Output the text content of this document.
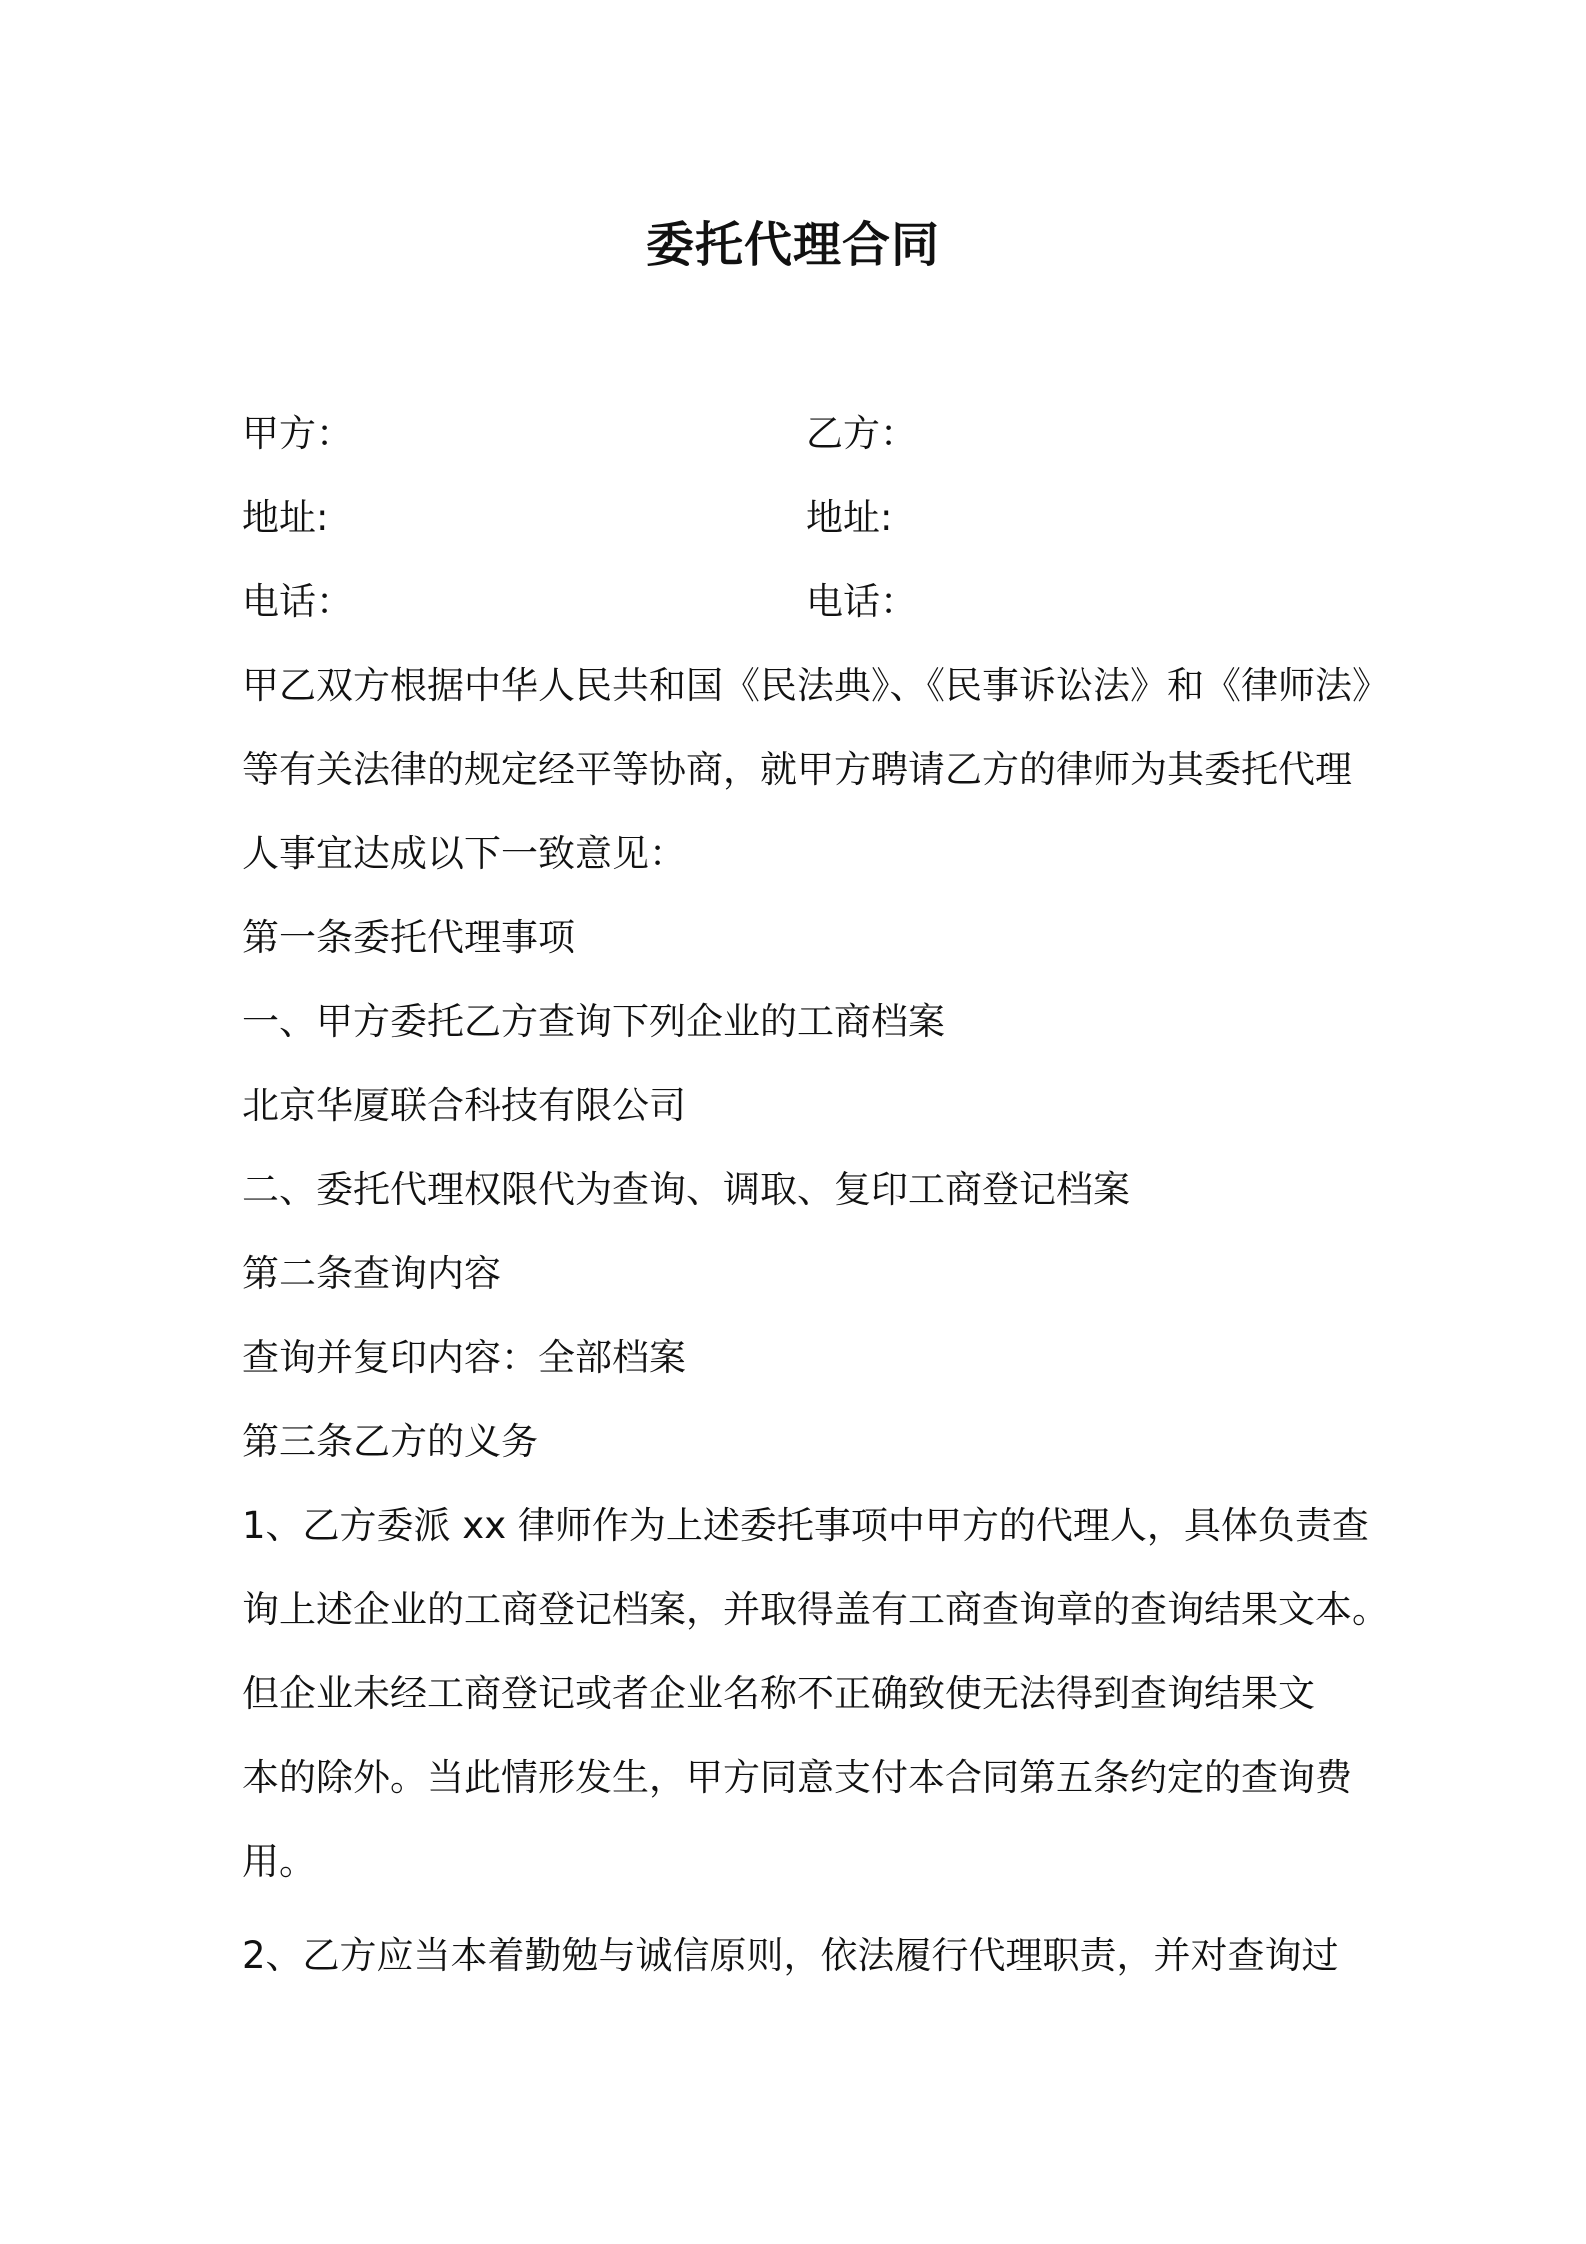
委托代理合同
甲方：	乙方：
地址:	地址:
电话：	电话：
甲乙双方根据中华人民共和国《民法典》、《民事诉讼法》和《律师法》
等有关法律的规定经平等协商，就甲方聘请乙方的律师为其委托代理
人事宜达成以下一致意见：
第一条委托代理事项
一、甲方委托乙方查询下列企业的工商档案
北京华厦联合科技有限公司
二、委托代理权限代为查询、调取、复印工商登记档案
第二条查询内容
查询并复印内容：全部档案
第三条乙方的义务
1、乙方委派 xx 律师作为上述委托事项中甲方的代理人，具体负责查
询上述企业的工商登记档案，并取得盖有工商查询章的查询结果文本。
但企业未经工商登记或者企业名称不正确致使无法得到查询结果文
本的除外。当此情形发生，甲方同意支付本合同第五条约定的查询费
用。
2、乙方应当本着勤勉与诚信原则，依法履行代理职责，并对查询过
